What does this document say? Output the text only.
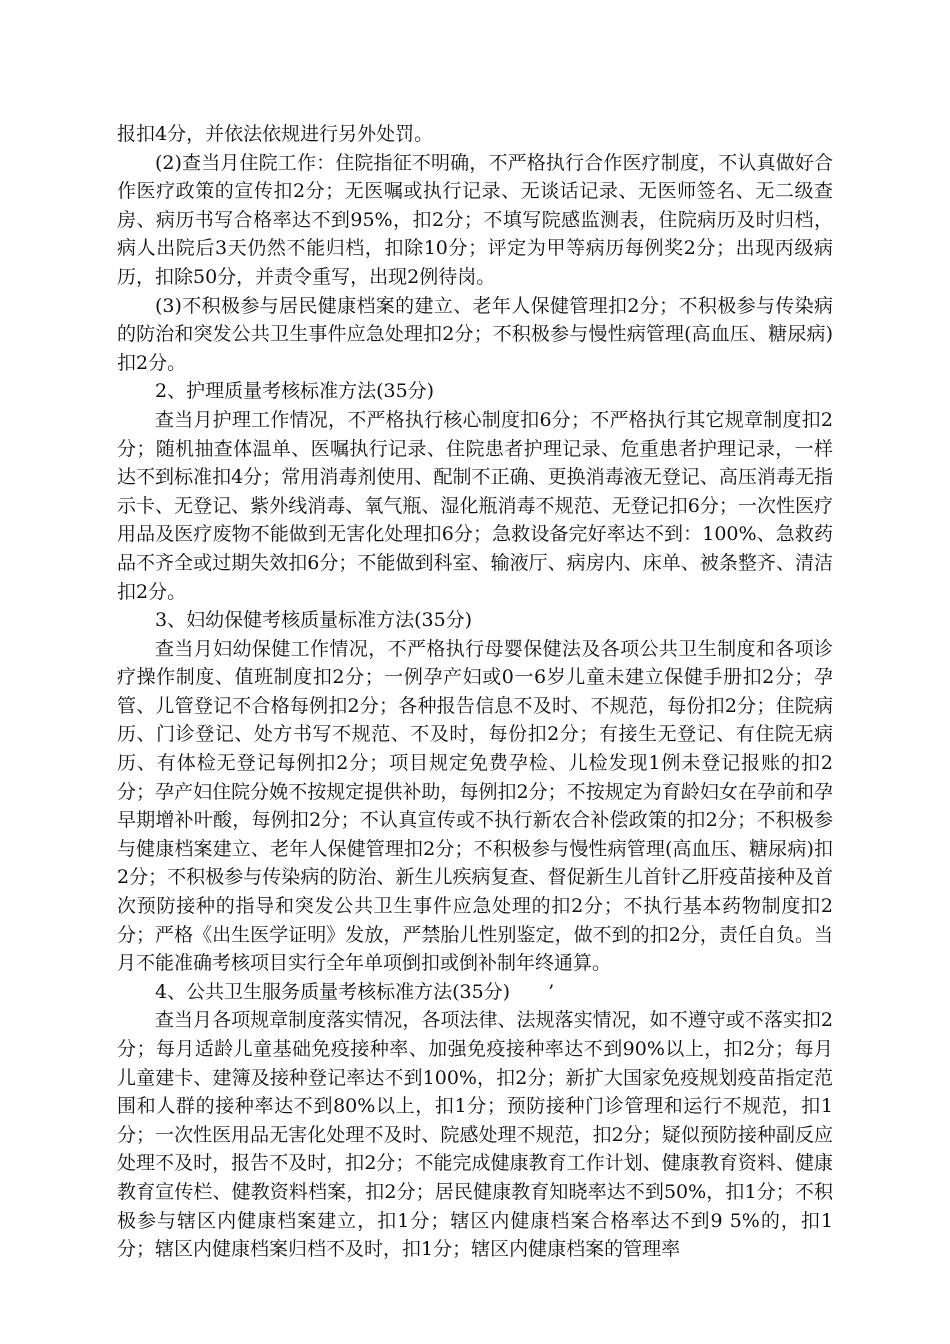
报扣4分，并依法依规进行另外处罚。

(2)查当月住院工作：住院指征不明确，不严格执行合作医疗制度，不认真做好合作医疗政策的宣传扣2分；无医嘱或执行记录、无谈话记录、无医师签名、无二级查房、病历书写合格率达不到95%，扣2分；不填写院感监测表，住院病历及时归档，病人出院后3天仍然不能归档，扣除10分；评定为甲等病历每例奖2分；出现丙级病历，扣除50分，并责令重写，出现2例待岗。

(3)不积极参与居民健康档案的建立、老年人保健管理扣2分；不积极参与传染病的防治和突发公共卫生事件应急处理扣2分；不积极参与慢性病管理(高血压、糖尿病)扣2分。

2、护理质量考核标准方法(35分)

查当月护理工作情况，不严格执行核心制度扣6分；不严格执行其它规章制度扣2分；随机抽查体温单、医嘱执行记录、住院患者护理记录、危重患者护理记录，一样达不到标准扣4分；常用消毒剂使用、配制不正确、更换消毒液无登记、高压消毒无指示卡、无登记、紫外线消毒、氧气瓶、湿化瓶消毒不规范、无登记扣6分；一次性医疗用品及医疗废物不能做到无害化处理扣6分；急救设备完好率达不到：100%、急救药品不齐全或过期失效扣6分；不能做到科室、输液厅、病房内、床单、被条整齐、清洁扣2分。

3、妇幼保健考核质量标准方法(35分)

查当月妇幼保健工作情况，不严格执行母婴保健法及各项公共卫生制度和各项诊疗操作制度、值班制度扣2分；一例孕产妇或0一6岁儿童未建立保健手册扣2分；孕管、儿管登记不合格每例扣2分；各种报告信息不及时、不规范，每份扣2分；住院病历、门诊登记、处方书写不规范、不及时，每份扣2分；有接生无登记、有住院无病历、有体检无登记每例扣2分；项目规定免费孕检、儿检发现1例未登记报账的扣2分；孕产妇住院分娩不按规定提供补助，每例扣2分；不按规定为育龄妇女在孕前和孕早期增补叶酸，每例扣2分；不认真宣传或不执行新农合补偿政策的扣2分；不积极参与健康档案建立、老年人保健管理扣2分；不积极参与慢性病管理(高血压、糖尿病)扣2分；不积极参与传染病的防治、新生儿疾病复查、督促新生儿首针乙肝疫苗接种及首次预防接种的指导和突发公共卫生事件应急处理的扣2分；不执行基本药物制度扣2分；严格《出生医学证明》发放，严禁胎儿性别鉴定，做不到的扣2分，责任自负。当月不能准确考核项目实行全年单项倒扣或倒补制年终通算。

4、公共卫生服务质量考核标准方法(35分)　　’

查当月各项规章制度落实情况，各项法律、法规落实情况，如不遵守或不落实扣2分；每月适龄儿童基础免疫接种率、加强免疫接种率达不到90%以上，扣2分；每月儿童建卡、建簿及接种登记率达不到100%，扣2分；新扩大国家免疫规划疫苗指定范围和人群的接种率达不到80%以上，扣1分；预防接种门诊管理和运行不规范，扣1分；一次性医用品无害化处理不及时、院感处理不规范，扣2分；疑似预防接种副反应处理不及时，报告不及时，扣2分；不能完成健康教育工作计划、健康教育资料、健康教育宣传栏、健教资料档案，扣2分；居民健康教育知晓率达不到50%，扣1分；不积极参与辖区内健康档案建立，扣1分；辖区内健康档案合格率达不到9 5%的，扣1分；辖区内健康档案归档不及时，扣1分；辖区内健康档案的管理率
